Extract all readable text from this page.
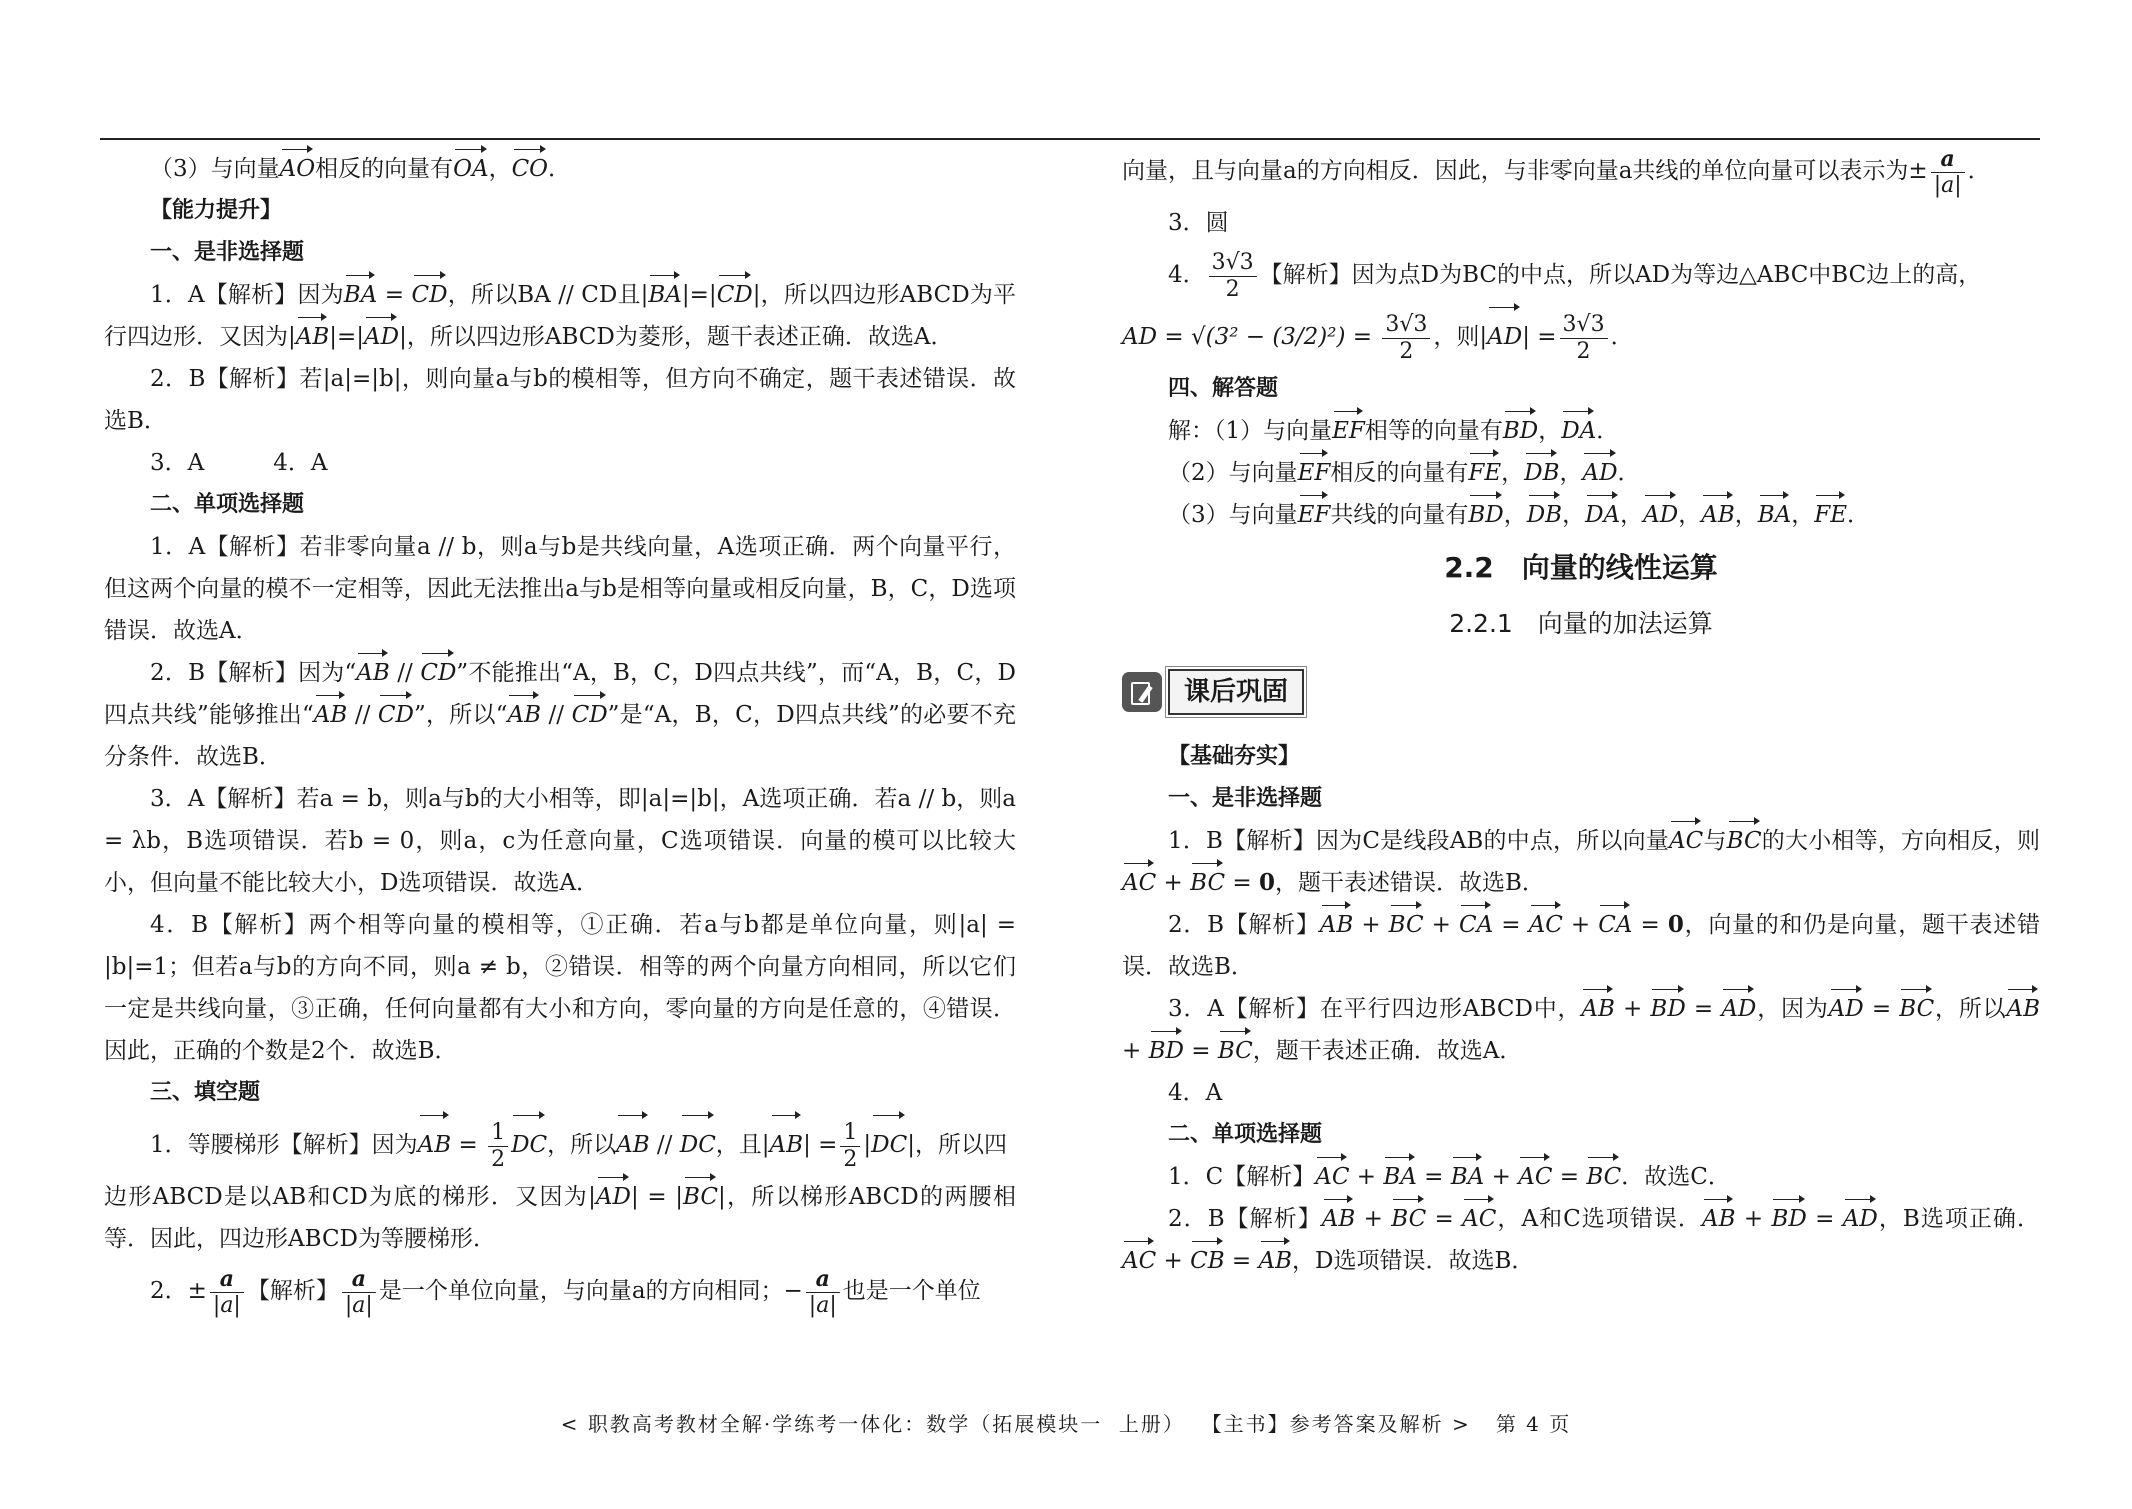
（3）与向量AO相反的向量有OA，CO．

【能力提升】

一、是非选择题

1．A【解析】因为BA = CD，所以BA // CD且|BA|=|CD|，所以四边形ABCD为平行四边形．又因为|AB|=|AD|，所以四边形ABCD为菱形，题干表述正确．故选A．

2．B【解析】若|a|=|b|，则向量a与b的模相等，但方向不确定，题干表述错误．故选B．

3．A　　　4．A

二、单项选择题

1．A【解析】若非零向量a // b，则a与b是共线向量，A选项正确．两个向量平行，但这两个向量的模不一定相等，因此无法推出a与b是相等向量或相反向量，B，C，D选项错误．故选A．

2．B【解析】因为“AB // CD”不能推出“A，B，C，D四点共线”，而“A，B，C，D四点共线”能够推出“AB // CD”，所以“AB // CD”是“A，B，C，D四点共线”的必要不充分条件．故选B．

3．A【解析】若a = b，则a与b的大小相等，即|a|=|b|，A选项正确．若a // b，则a = λb，B选项错误．若b = 0，则a，c为任意向量，C选项错误．向量的模可以比较大小，但向量不能比较大小，D选项错误．故选A．

4．B【解析】两个相等向量的模相等，①正确．若a与b都是单位向量，则|a| = |b|=1；但若a与b的方向不同，则a ≠ b，②错误．相等的两个向量方向相同，所以它们一定是共线向量，③正确，任何向量都有大小和方向，零向量的方向是任意的，④错误．因此，正确的个数是2个．故选B．

三、填空题

1．等腰梯形【解析】因为AB = $\frac{1}{2}$ DC，所以AB // DC，且$|AB| = \frac{1}{2} |DC|$，所以四

边形ABCD是以AB和CD为底的梯形．又因为|AD| = |BC|，所以梯形ABCD的两腰相等．因此，四边形ABCD为等腰梯形．

2．± $\frac{a}{|a|}$ 【解析】 $\frac{a}{|a|}$ 是一个单位向量，与向量a的方向相同；− $\frac{a}{|a|}$ 也是一个单位

向量，且与向量a的方向相反．因此，与非零向量a共线的单位向量可以表示为± $\frac{a}{|a|}$ ．

3．圆

4． $\frac{3√3}{2}$ 【解析】因为点D为BC的中点，所以AD为等边△ABC中BC边上的高，

AD = $√(3^2 - (3/2)^2) = \frac{3√3}{2}$ ，则$|AD| = \frac{3√3}{2}$ ．

四、解答题

解：（1）与向量EF相等的向量有BD，DA．

（2）与向量EF相反的向量有FE，DB，AD．

（3）与向量EF共线的向量有BD，DB，DA，AD，AB，BA，FE．

2.2　向量的线性运算
2.2.1　向量的加法运算
课后巩固

【基础夯实】

一、是非选择题

1．B【解析】因为C是线段AB的中点，所以向量AC与BC的大小相等，方向相反，则AC + BC = 0，题干表述错误．故选B．

2．B【解析】AB + BC + CA = AC + CA = 0，向量的和仍是向量，题干表述错误．故选B．

3．A【解析】在平行四边形ABCD中，AB + BD = AD，因为AD = BC，所以AB + BD = BC，题干表述正确．故选A．

4．A

二、单项选择题

1．C【解析】AC + BA = BA + AC = BC．故选C．

2．B【解析】AB + BC = AC，A和C选项错误．AB + BD = AD，B选项正确．AC + CB = AB，D选项错误．故选B．

< 职教高考教材全解·学练考一体化：数学（拓展模块一  上册）  【主书】参考答案及解析 >   第 4 页
